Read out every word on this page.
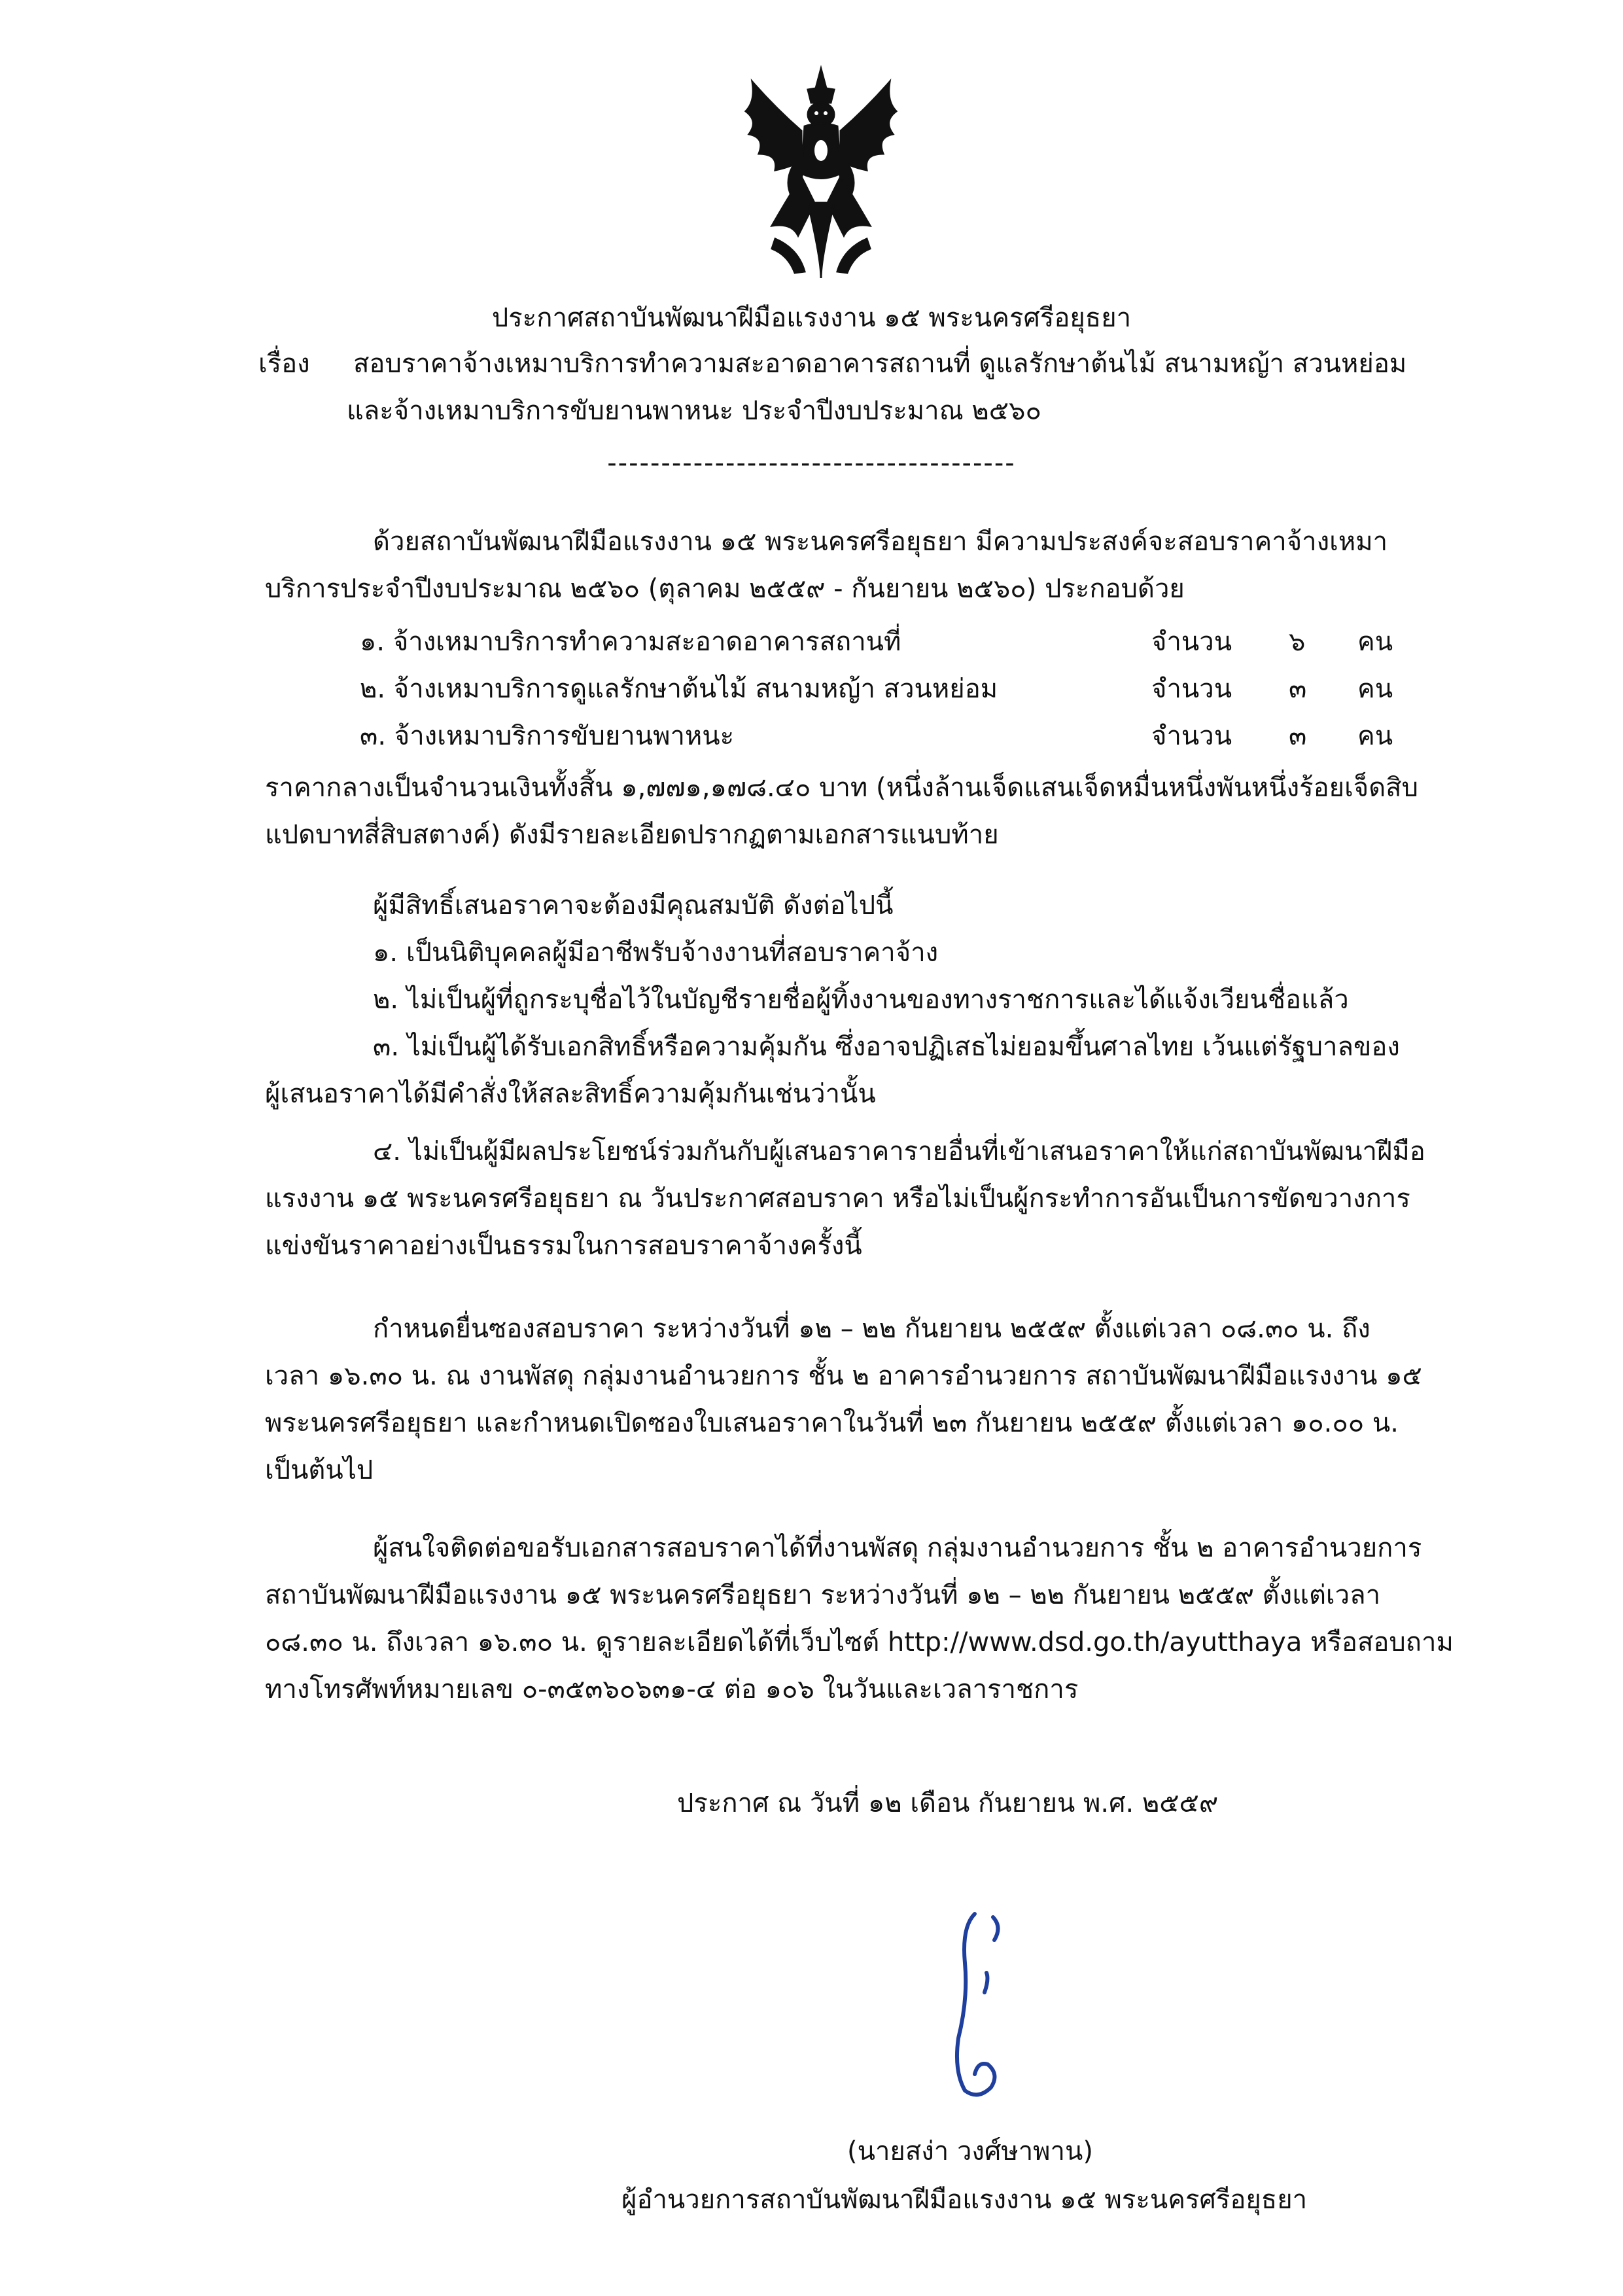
ประกาศสถาบันพัฒนาฝีมือแรงงาน ๑๕ พระนครศรีอยุธยา
เรื่อง สอบราคาจ้างเหมาบริการทำความสะอาดอาคารสถานที่ ดูแลรักษาต้นไม้ สนามหญ้า สวนหย่อม
และจ้างเหมาบริการขับยานพาหนะ ประจำปีงบประมาณ ๒๕๖๐
--------------------------------------
ด้วยสถาบันพัฒนาฝีมือแรงงาน ๑๕ พระนครศรีอยุธยา มีความประสงค์จะสอบราคาจ้างเหมา
บริการประจำปีงบประมาณ ๒๕๖๐ (ตุลาคม ๒๕๕๙ - กันยายน ๒๕๖๐) ประกอบด้วย
๑. จ้างเหมาบริการทำความสะอาดอาคารสถานที่	จำนวน ๖ คน
๒. จ้างเหมาบริการดูแลรักษาต้นไม้ สนามหญ้า สวนหย่อม	จำนวน ๓ คน
๓. จ้างเหมาบริการขับยานพาหนะ	จำนวน ๓ คน
ราคากลางเป็นจำนวนเงินทั้งสิ้น ๑,๗๗๑,๑๗๘.๔๐ บาท (หนึ่งล้านเจ็ดแสนเจ็ดหมื่นหนึ่งพันหนึ่งร้อยเจ็ดสิบ
แปดบาทสี่สิบสตางค์) ดังมีรายละเอียดปรากฏตามเอกสารแนบท้าย
ผู้มีสิทธิ์เสนอราคาจะต้องมีคุณสมบัติ ดังต่อไปนี้
๑. เป็นนิติบุคคลผู้มีอาชีพรับจ้างงานที่สอบราคาจ้าง
๒. ไม่เป็นผู้ที่ถูกระบุชื่อไว้ในบัญชีรายชื่อผู้ทิ้งงานของทางราชการและได้แจ้งเวียนชื่อแล้ว
๓. ไม่เป็นผู้ได้รับเอกสิทธิ์หรือความคุ้มกัน ซึ่งอาจปฏิเสธไม่ยอมขึ้นศาลไทย เว้นแต่รัฐบาลของ
ผู้เสนอราคาได้มีคำสั่งให้สละสิทธิ์ความคุ้มกันเช่นว่านั้น
๔. ไม่เป็นผู้มีผลประโยชน์ร่วมกันกับผู้เสนอราคารายอื่นที่เข้าเสนอราคาให้แก่สถาบันพัฒนาฝีมือ
แรงงาน ๑๕ พระนครศรีอยุธยา ณ วันประกาศสอบราคา หรือไม่เป็นผู้กระทำการอันเป็นการขัดขวางการ
แข่งขันราคาอย่างเป็นธรรมในการสอบราคาจ้างครั้งนี้
กำหนดยื่นซองสอบราคา ระหว่างวันที่ ๑๒ – ๒๒ กันยายน ๒๕๕๙ ตั้งแต่เวลา ๐๘.๓๐ น. ถึง
เวลา ๑๖.๓๐ น. ณ งานพัสดุ กลุ่มงานอำนวยการ ชั้น ๒ อาคารอำนวยการ สถาบันพัฒนาฝีมือแรงงาน ๑๕
พระนครศรีอยุธยา และกำหนดเปิดซองใบเสนอราคาในวันที่ ๒๓ กันยายน ๒๕๕๙ ตั้งแต่เวลา ๑๐.๐๐ น.
เป็นต้นไป
ผู้สนใจติดต่อขอรับเอกสารสอบราคาได้ที่งานพัสดุ กลุ่มงานอำนวยการ ชั้น ๒ อาคารอำนวยการ
สถาบันพัฒนาฝีมือแรงงาน ๑๕ พระนครศรีอยุธยา ระหว่างวันที่ ๑๒ – ๒๒ กันยายน ๒๕๕๙ ตั้งแต่เวลา
๐๘.๓๐ น. ถึงเวลา ๑๖.๓๐ น. ดูรายละเอียดได้ที่เว็บไซต์ http://www.dsd.go.th/ayutthaya หรือสอบถาม
ทางโทรศัพท์หมายเลข ๐-๓๕๓๖๐๖๓๑-๔ ต่อ ๑๐๖ ในวันและเวลาราชการ
ประกาศ ณ วันที่ ๑๒ เดือน กันยายน พ.ศ. ๒๕๕๙
(นายสง่า วงศ์ษาพาน)
ผู้อำนวยการสถาบันพัฒนาฝีมือแรงงาน ๑๕ พระนครศรีอยุธยา
